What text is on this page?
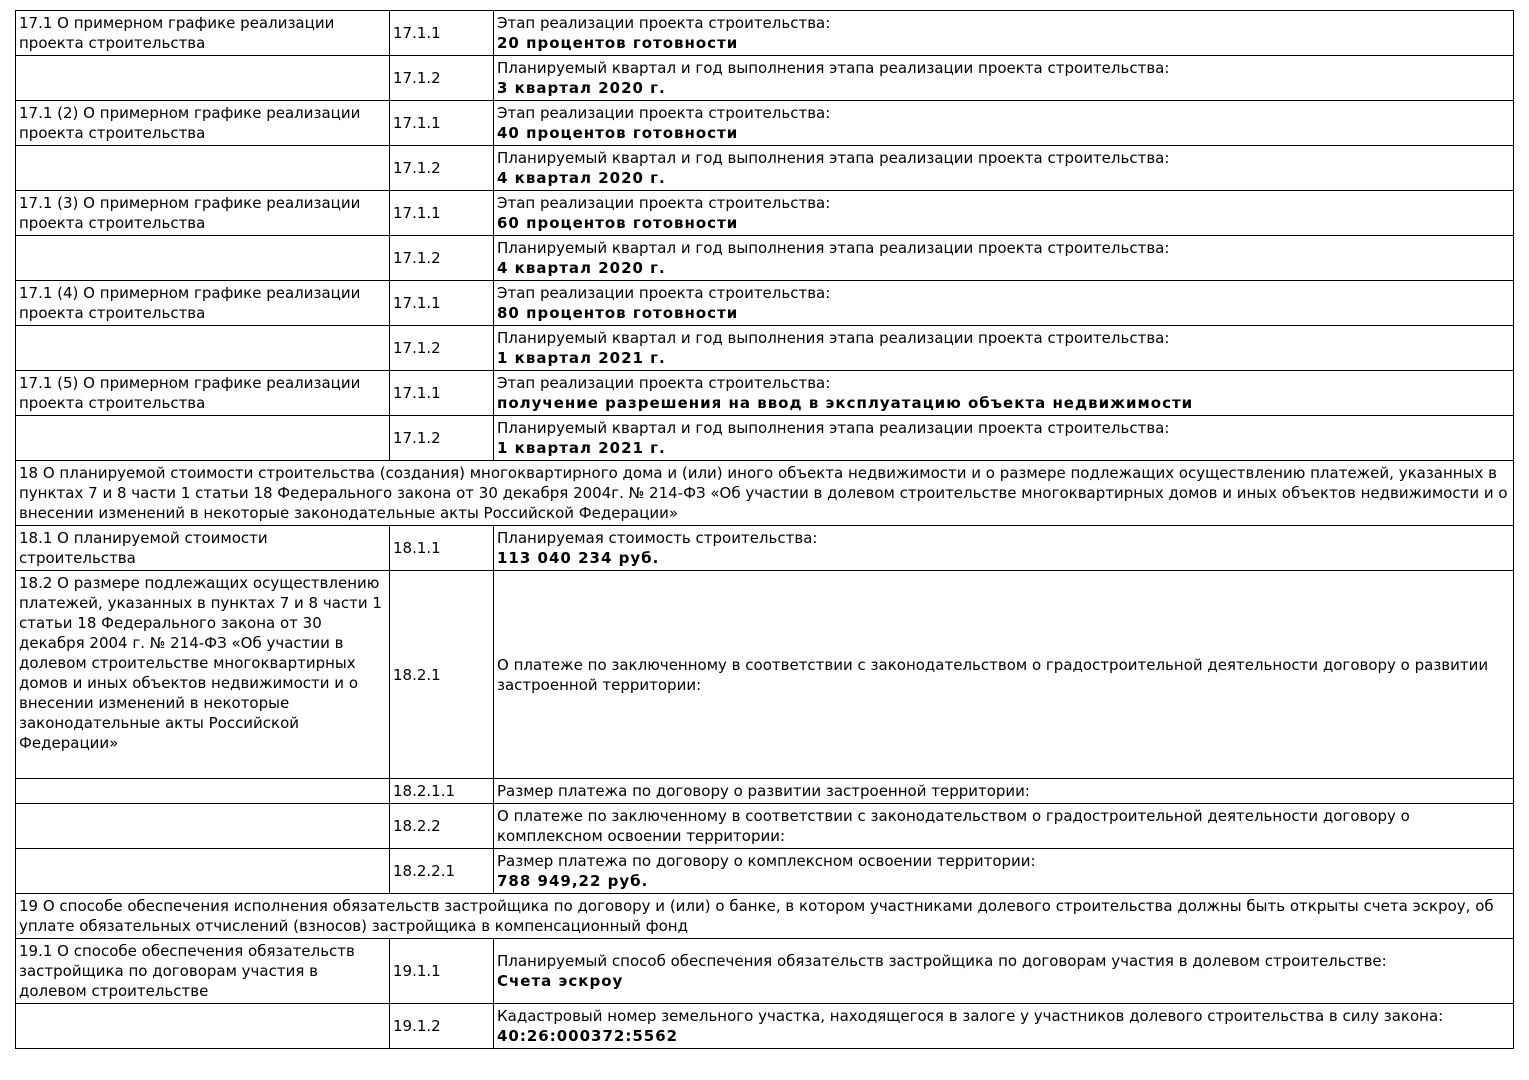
17.1 О примерном графике реализации проекта строительства	17.1.1	Этап реализации проекта строительства:
20 процентов готовности

	17.1.2	Планируемый квартал и год выполнения этапа реализации проекта строительства:
3 квартал 2020 г.

17.1 (2) О примерном графике реализации проекта строительства	17.1.1	Этап реализации проекта строительства:
40 процентов готовности

	17.1.2	Планируемый квартал и год выполнения этапа реализации проекта строительства:
4 квартал 2020 г.

17.1 (3) О примерном графике реализации проекта строительства	17.1.1	Этап реализации проекта строительства:
60 процентов готовности

	17.1.2	Планируемый квартал и год выполнения этапа реализации проекта строительства:
4 квартал 2020 г.

17.1 (4) О примерном графике реализации проекта строительства	17.1.1	Этап реализации проекта строительства:
80 процентов готовности

	17.1.2	Планируемый квартал и год выполнения этапа реализации проекта строительства:
1 квартал 2021 г.

17.1 (5) О примерном графике реализации проекта строительства	17.1.1	Этап реализации проекта строительства:
получение разрешения на ввод в эксплуатацию объекта недвижимости

	17.1.2	Планируемый квартал и год выполнения этапа реализации проекта строительства:
1 квартал 2021 г.

18 О планируемой стоимости строительства (создания) многоквартирного дома и (или) иного объекта недвижимости и о размере подлежащих осуществлению платежей, указанных в пунктах 7 и 8 части 1 статьи 18 Федерального закона от 30 декабря 2004г. № 214-ФЗ «Об участии в долевом строительстве многоквартирных домов и иных объектов недвижимости и о внесении изменений в некоторые законодательные акты Российской Федерации»		
18.1 О планируемой стоимости строительства	18.1.1	Планируемая стоимость строительства:
113 040 234 руб.

18.2 О размере подлежащих осуществлению платежей, указанных в пунктах 7 и 8 части 1 статьи 18 Федерального закона от 30 декабря 2004 г. № 214-ФЗ «Об участии в долевом строительстве многоквартирных домов и иных объектов недвижимости и о внесении изменений в некоторые законодательные акты Российской Федерации»	18.2.1	О платеже по заключенному в соответствии с законодательством о градостроительной деятельности договору о развитии застроенной территории:

	18.2.1.1	Размер платежа по договору о развитии застроенной территории:

	18.2.2	О платеже по заключенному в соответствии с законодательством о градостроительной деятельности договору о комплексном освоении территории:

	18.2.2.1	Размер платежа по договору о комплексном освоении территории:
788 949,22 руб.

19 О способе обеспечения исполнения обязательств застройщика по договору и (или) о банке, в котором участниками долевого строительства должны быть открыты счета эскроу, об уплате обязательных отчислений (взносов) застройщика в компенсационный фонд		
19.1 О способе обеспечения обязательств застройщика по договорам участия в долевом строительстве	19.1.1	Планируемый способ обеспечения обязательств застройщика по договорам участия в долевом строительстве:
Счета эскроу

	19.1.2	Кадастровый номер земельного участка, находящегося в залоге у участников долевого строительства в силу закона:
40:26:000372:5562
